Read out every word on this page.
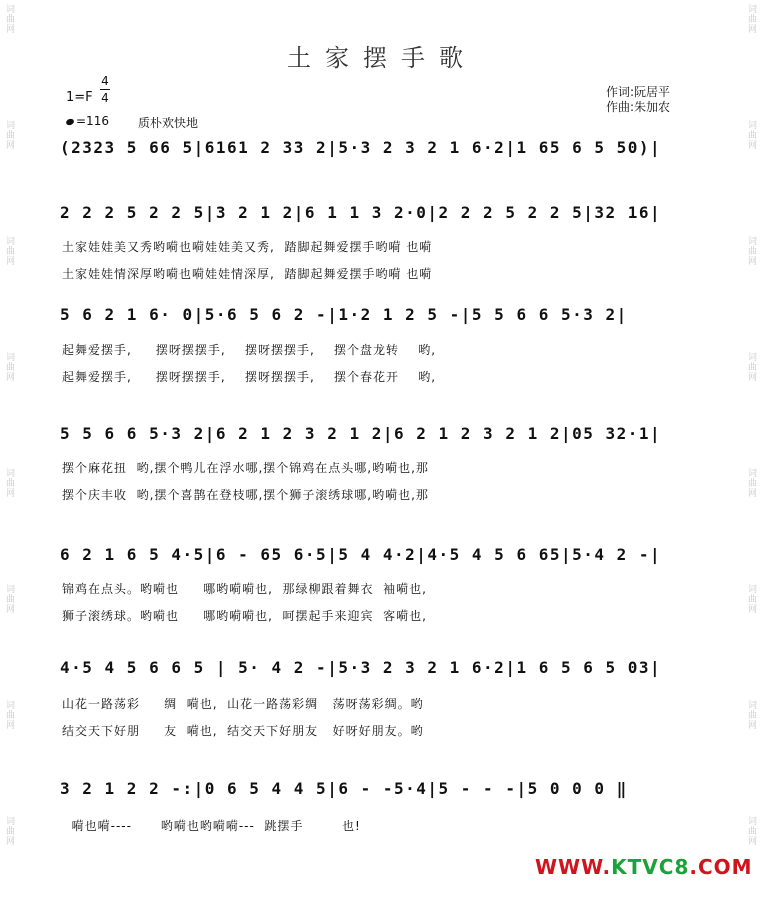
词曲网
词曲网
词曲网
词曲网
词曲网
词曲网
词曲网
词曲网
词曲网
词曲网
词曲网
词曲网
词曲网
词曲网
词曲网
词曲网
土家摆手歌
1=F
4
4
=116 质朴欢快地
作词:阮居平
作曲:朱加农
(2323 5 66 5|6161 2 33 2|5·3 2 3 2 1 6·2|1 65 6 5 50)|
2 2 2 5 2 2 5|3 2 1 2|6 1 1 3 2·0|2 2 2 5 2 2 5|32 16|
土家娃娃美又秀哟嗬也嗬娃娃美又秀,  踏脚起舞爱摆手哟嗬 也嗬
土家娃娃情深厚哟嗬也嗬娃娃情深厚,  踏脚起舞爱摆手哟嗬 也嗬
5 6 2 1 6· 0|5·6 5 6 2 -|1·2 1 2 5 -|5 5 6 6 5·3 2|
起舞爱摆手,     摆呀摆摆手,    摆呀摆摆手,    摆个盘龙转    哟,
起舞爱摆手,     摆呀摆摆手,    摆呀摆摆手,    摆个春花开    哟,
5 5 6 6 5·3 2|6 2 1 2 3 2 1 2|6 2 1 2 3 2 1 2|05 32·1|
摆个麻花扭  哟,摆个鸭儿在浮水哪,摆个锦鸡在点头哪,哟嗬也,那
摆个庆丰收  哟,摆个喜鹊在登枝哪,摆个狮子滚绣球哪,哟嗬也,那
6 2 1 6 5 4·5|6 - 65 6·5|5 4 4·2|4·5 4 5 6 65|5·4 2 -|
锦鸡在点头。哟嗬也     哪哟嗬嗬也,  那绿柳跟着舞衣  袖嗬也,
狮子滚绣球。哟嗬也     哪哟嗬嗬也,  呵摆起手来迎宾  客嗬也,
4·5 4 5 6 6 5 | 5· 4 2 -|5·3 2 3 2 1 6·2|1 6 5 6 5 03|
山花一路荡彩     绸  嗬也,  山花一路荡彩绸   荡呀荡彩绸。哟
结交天下好朋     友  嗬也,  结交天下好朋友   好呀好朋友。哟
3 2 1 2 2 -:|0 6 5 4 4 5|6 - -5·4|5 - - -|5 0 0 0 ‖
嗬也嗬----      哟嗬也哟嗬嗬---  跳摆手        也!
WWW.KTVC8.COM
